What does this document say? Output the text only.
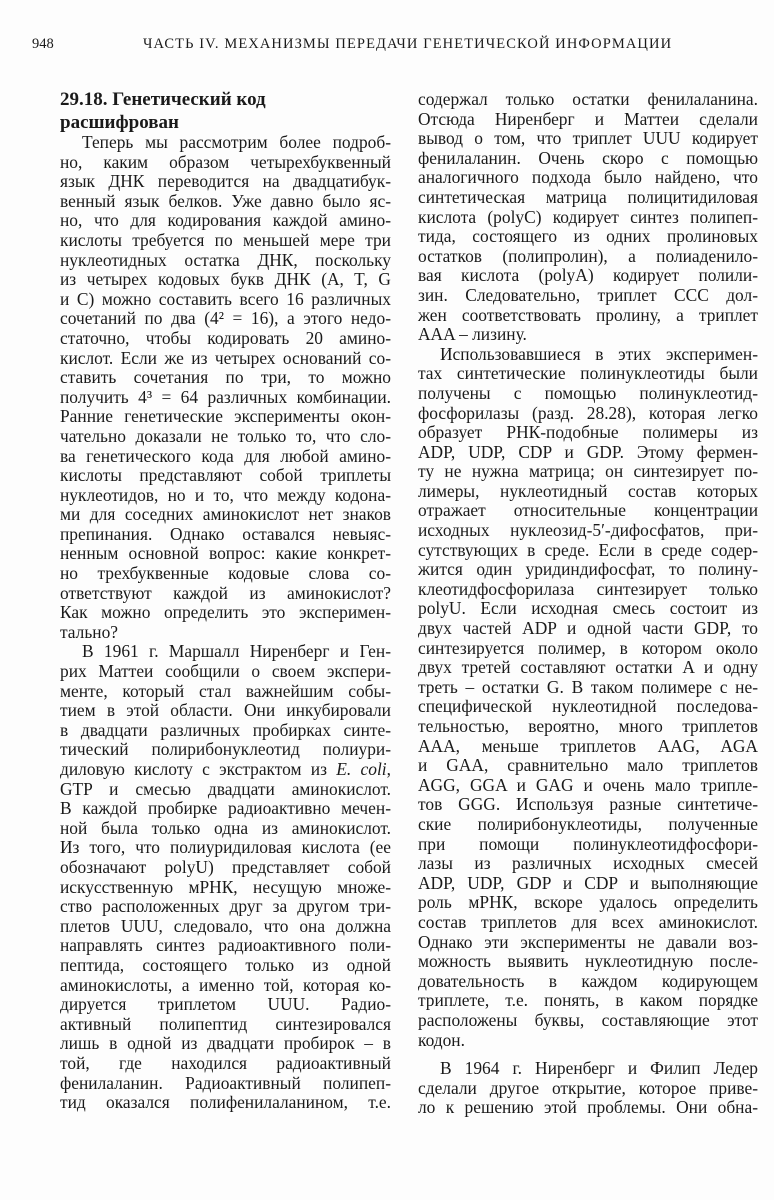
948	ЧАСТЬ IV. МЕХАНИЗМЫ ПЕРЕДАЧИ ГЕНЕТИЧЕСКОЙ ИНФОРМАЦИИ
29.18. Генетический код
расшифрован
Теперь мы рассмотрим более подроб-
но, каким образом четырехбуквенный
язык ДНК переводится на двадцатибук-
венный язык белков. Уже давно было яс-
но, что для кодирования каждой амино-
кислоты требуется по меньшей мере три
нуклеотидных остатка ДНК, поскольку
из четырех кодовых букв ДНК (A, T, G
и C) можно составить всего 16 различных
сочетаний по два (4² = 16), а этого недо-
статочно, чтобы кодировать 20 амино-
кислот. Если же из четырех оснований со-
ставить сочетания по три, то можно
получить 4³ = 64 различных комбинации.
Ранние генетические эксперименты окон-
чательно доказали не только то, что сло-
ва генетического кода для любой амино-
кислоты представляют собой триплеты
нуклеотидов, но и то, что между кодона-
ми для соседних аминокислот нет знаков
препинания. Однако оставался невыяс-
ненным основной вопрос: какие конкрет-
но трехбуквенные кодовые слова со-
ответствуют каждой из аминокислот?
Как можно определить это эксперимен-
тально?
В 1961 г. Маршалл Ниренберг и Ген-
рих Маттеи сообщили о своем экспери-
менте, который стал важнейшим собы-
тием в этой области. Они инкубировали
в двадцати различных пробирках синте-
тический полирибонуклеотид полиури-
диловую кислоту с экстрактом из E. coli,
GTP и смесью двадцати аминокислот.
В каждой пробирке радиоактивно мечен-
ной была только одна из аминокислот.
Из того, что полиуридиловая кислота (ее
обозначают polyU) представляет собой
искусственную мРНК, несущую множе-
ство расположенных друг за другом три-
плетов UUU, следовало, что она должна
направлять синтез радиоактивного поли-
пептида, состоящего только из одной
аминокислоты, а именно той, которая ко-
дируется триплетом UUU. Радио-
активный полипептид синтезировался
лишь в одной из двадцати пробирок – в
той, где находился радиоактивный
фенилаланин. Радиоактивный полипеп-
тид оказался полифенилаланином, т.е.
содержал только остатки фенилаланина.
Отсюда Ниренберг и Маттеи сделали
вывод о том, что триплет UUU кодирует
фенилаланин. Очень скоро с помощью
аналогичного подхода было найдено, что
синтетическая матрица полицитидиловая
кислота (polyC) кодирует синтез полипеп-
тида, состоящего из одних пролиновых
остатков (полипролин), а полиаденило-
вая кислота (polyA) кодирует полили-
зин. Следовательно, триплет CCC дол-
жен соответствовать пролину, а триплет
AAA – лизину.
Использовавшиеся в этих эксперимен-
тах синтетические полинуклеотиды были
получены с помощью полинуклеотид-
фосфорилазы (разд. 28.28), которая легко
образует РНК-подобные полимеры из
ADP, UDP, CDP и GDP. Этому фермен-
ту не нужна матрица; он синтезирует по-
лимеры, нуклеотидный состав которых
отражает относительные концентрации
исходных нуклеозид-5′-дифосфатов, при-
сутствующих в среде. Если в среде содер-
жится один уридиндифосфат, то полину-
клеотидфосфорилаза синтезирует только
polyU. Если исходная смесь состоит из
двух частей ADP и одной части GDP, то
синтезируется полимер, в котором около
двух третей составляют остатки A и одну
треть – остатки G. В таком полимере с не-
специфической нуклеотидной последова-
тельностью, вероятно, много триплетов
AAA, меньше триплетов AAG, AGA
и GAA, сравнительно мало триплетов
AGG, GGA и GAG и очень мало трипле-
тов GGG. Используя разные синтетиче-
ские полирибонуклеотиды, полученные
при помощи полинуклеотидфосфори-
лазы из различных исходных смесей
ADP, UDP, GDP и CDP и выполняющие
роль мРНК, вскоре удалось определить
состав триплетов для всех аминокислот.
Однако эти эксперименты не давали воз-
можность выявить нуклеотидную после-
довательность в каждом кодирующем
триплете, т.е. понять, в каком порядке
расположены буквы, составляющие этот
кодон.
В 1964 г. Ниренберг и Филип Ледер
сделали другое открытие, которое приве-
ло к решению этой проблемы. Они обна-
